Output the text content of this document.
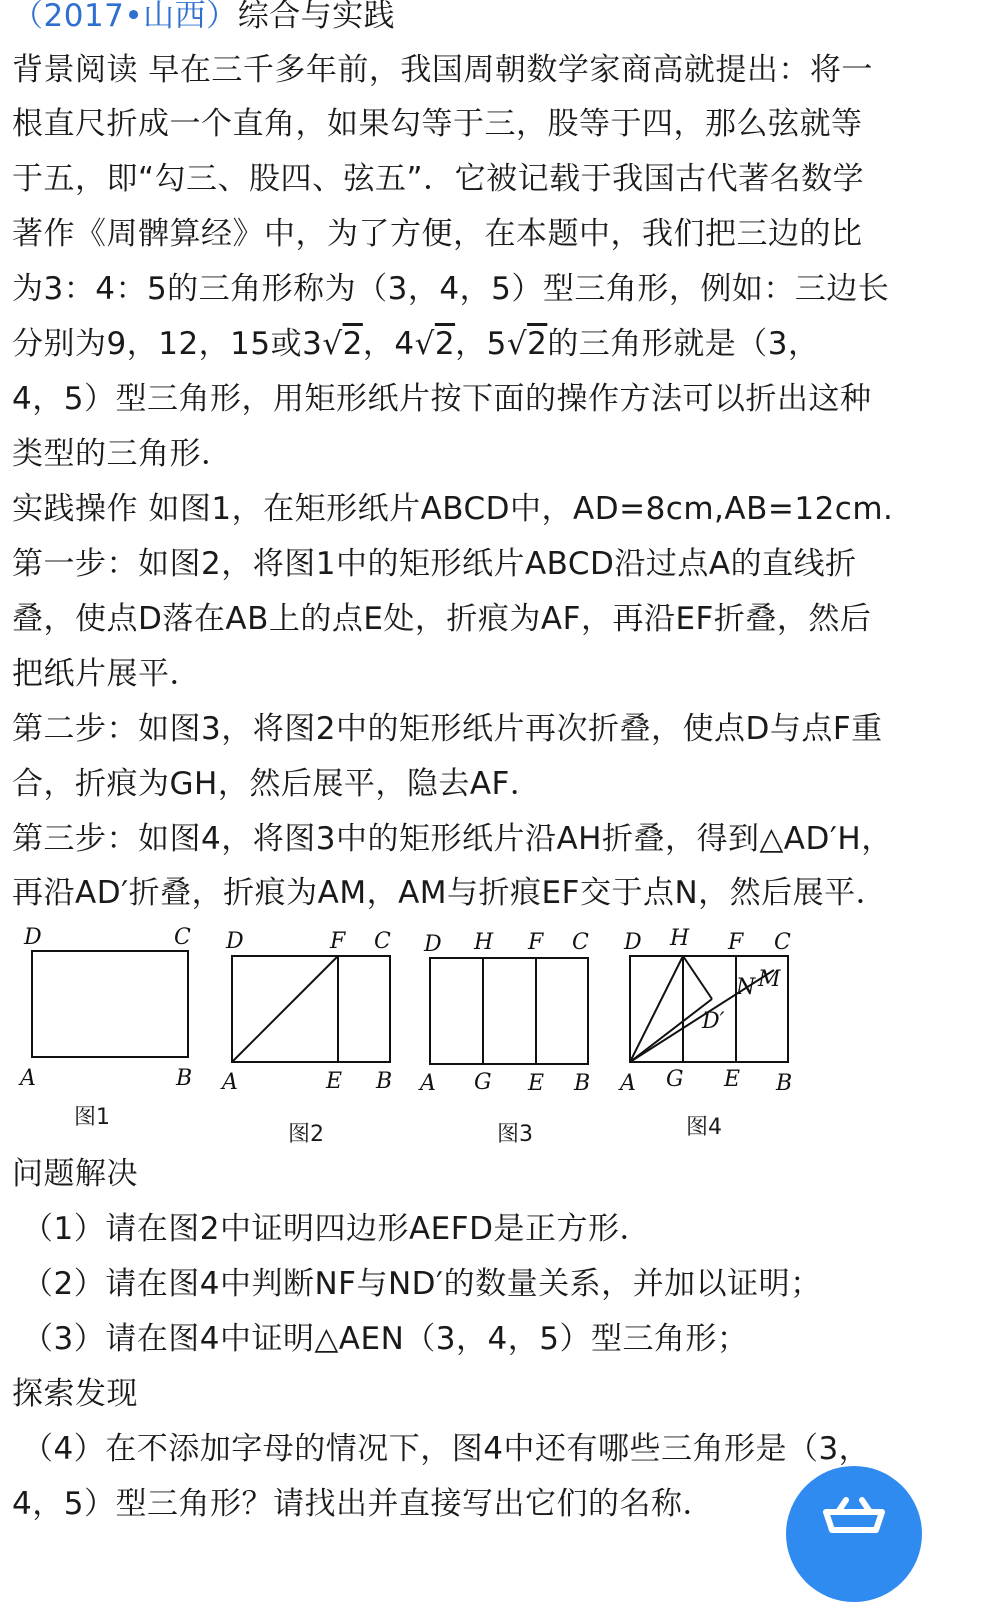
（2017•山西）综合与实践
背景阅读 早在三千多年前，我国周朝数学家商高就提出：将一
根直尺折成一个直角，如果勾等于三，股等于四，那么弦就等
于五，即“勾三、股四、弦五”．它被记载于我国古代著名数学
著作《周髀算经》中，为了方便，在本题中，我们把三边的比
为3：4：5的三角形称为（3，4，5）型三角形，例如：三边长
分别为9，12，15或3√2，4√2，5√2的三角形就是（3，
4，5）型三角形，用矩形纸片按下面的操作方法可以折出这种
类型的三角形．
实践操作 如图1，在矩形纸片ABCD中，AD=8cm,AB=12cm.
第一步：如图2，将图1中的矩形纸片ABCD沿过点A的直线折
叠，使点D落在AB上的点E处，折痕为AF，再沿EF折叠，然后
把纸片展平．
第二步：如图3，将图2中的矩形纸片再次折叠，使点D与点F重
合，折痕为GH，然后展平，隐去AF．
第三步：如图4，将图3中的矩形纸片沿AH折叠，得到△AD′H，
再沿AD′折叠，折痕为AM，AM与折痕EF交于点N，然后展平．
D	C
A	B
图1
D	F C
A	E B
图2
D H F C
A G E B
图3
D H F C
N M
D′
A G E B
图4
问题解决
（1）请在图2中证明四边形AEFD是正方形．
（2）请在图4中判断NF与ND′的数量关系，并加以证明；
（3）请在图4中证明△AEN（3，4，5）型三角形；
探索发现
（4）在不添加字母的情况下，图4中还有哪些三角形是（3，
4，5）型三角形？请找出并直接写出它们的名称．
